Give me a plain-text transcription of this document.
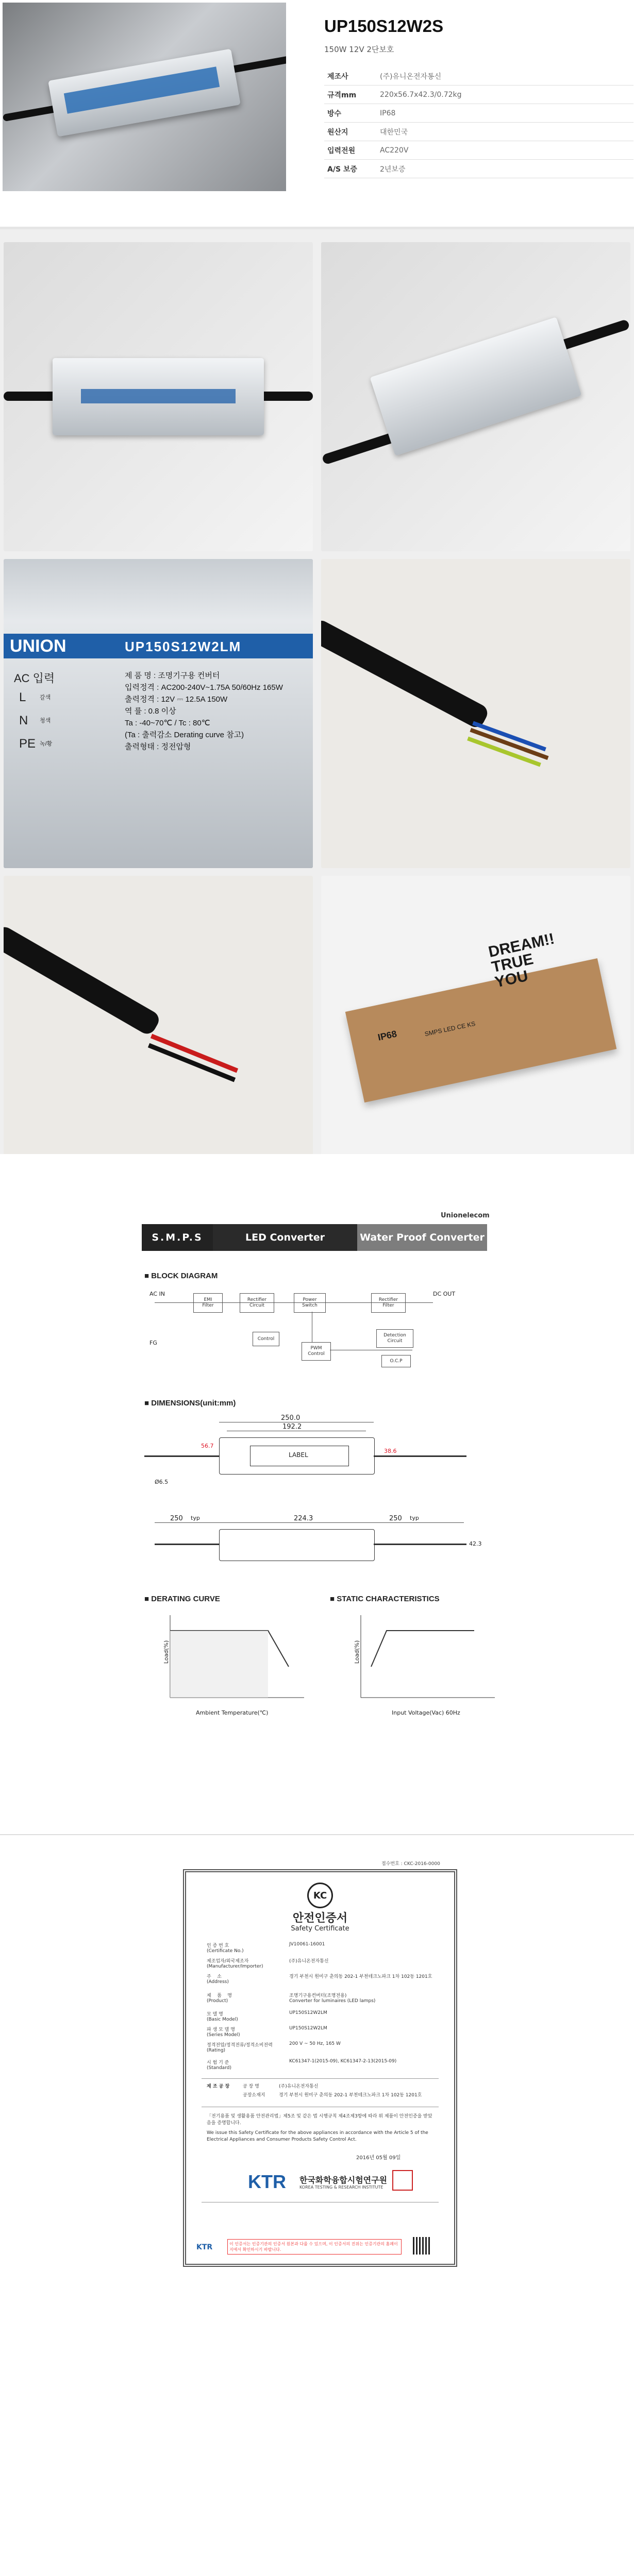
UP150S12W2S
150W 12V 2단보호
제조사	(주)유니온전자통신
규격mm	220x56.7x42.3/0.72kg
방수	IP68
원산지	대한민국
입력전원	AC220V
A/S 보증	2년보증
UNION	UP150S12W2LM
AC 입력
L
N
PE
갈색
청색
녹/황
제 품 명 : 조명기구용 컨버터
입력정격 : AC200-240V~1.75A 50/60Hz 165W
출력정격 : 12V ⎓ 12.5A 150W
역 률 : 0.8 이상
Ta : -40~70℃ / Tc : 80℃
(Ta : 출력감소 Derating curve 참고)
출력형태 : 정전압형
DREAM!!
TRUE
YOU
IP68	SMPS LED CE KS
Unionelecom
S.M.P.S	LED Converter	Water Proof Converter
■ BLOCK DIAGRAM
AC IN
FG
EMI
Filter
Rectifier
Circuit
Power
Switch
Rectifier
Filter
DC OUT
Control
PWM
Control
Detection
Circuit
O.C.P
■ DIMENSIONS(unit:mm)
250.0
192.2
LABEL
56.7
38.6
Ø6.5
250 typ	224.3	250 typ
42.3
■ DERATING CURVE	■ STATIC CHARACTERISTICS
Ambient Temperature(℃)
Load(%)
Input Voltage(Vac) 60Hz
Load(%)
접수번호 : CKC-2016-0000
KC
안전인증서
Safety Certificate
인 증 번 호
(Certificate No.)
JV10061-16001
제조업자/외국제조자
(Manufacturer/Importer)
(주)유니온전자통신
주    소
(Address)
경기 부천시 원미구 춘의동 202-1 부천테크노파크 1차 102동 1201호
제    품    명
(Product)
조명기구용컨버터(조명전용)
Converter for luminaires (LED lamps)
모 델 명
(Basic Model)
UP150S12W2LM
파 생 모 델 명
(Series Model)
UP150S12W2LM
정격전압/정격전류/정격소비전력
(Rating)
200 V ~ 50 Hz, 165 W
시 험 기 준
(Standard)
KC61347-1(2015-09), KC61347-2-13(2015-09)
제 조 공 장	공 장 명	(주)유니온전자통신
공장소재지	경기 부천시 원미구 춘의동 202-1 부천테크노파크 1차 102동 1201호
「전기용품 및 생활용품 안전관리법」제5조 및 같은 법 시행규칙 제4조제3항에 따라 위 제품이 안전인증을 받았음을 증명합니다.
We issue this Safety Certificate for the above appliances in accordance with the Article 5 of the Electrical Appliances and Consumer Products Safety Control Act.
2016년 05월 09일
KTR 한국화학융합시험연구원
KOREA TESTING & RESEARCH INSTITUTE
KTR	이 인증서는 인증기관의 인증서 원본과 다를 수 있으며, 이 인증서의 진위는 인증기관의 홈페이지에서 확인하시기 바랍니다.
